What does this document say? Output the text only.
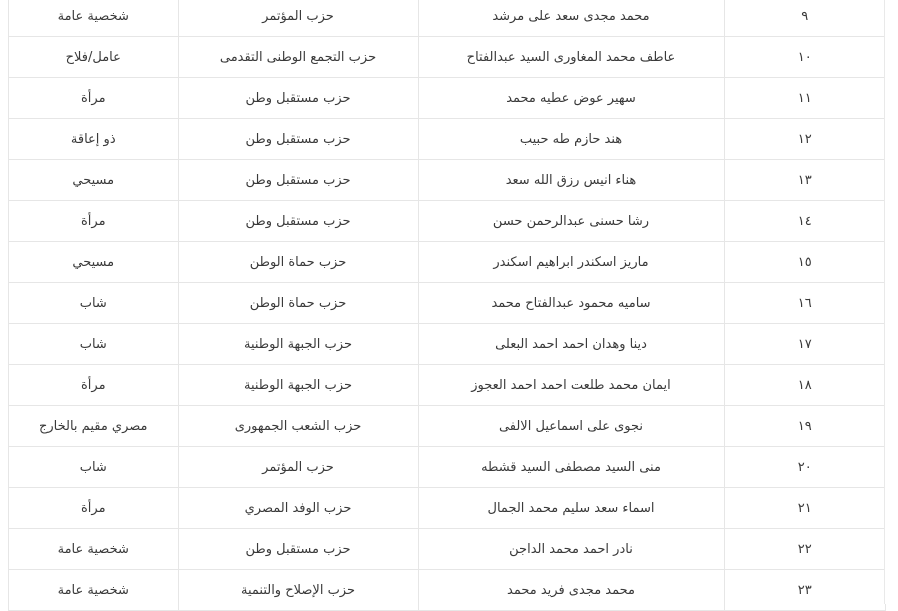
٩	محمد مجدى سعد على مرشد	حزب المؤتمر	شخصية عامة
١٠	عاطف محمد المغاورى السيد عبدالفتاح	حزب التجمع الوطنى التقدمى	عامل/فلاح
١١	سهير عوض عطيه محمد	حزب مستقبل وطن	مرأة
١٢	هند حازم طه حبيب	حزب مستقبل وطن	ذو إعاقة
١٣	هناء انيس رزق الله سعد	حزب مستقبل وطن	مسيحي
١٤	رشا حسنى عبدالرحمن حسن	حزب مستقبل وطن	مرأة
١٥	ماريز اسكندر ابراهيم اسكندر	حزب حماة الوطن	مسيحي
١٦	ساميه محمود عبدالفتاح محمد	حزب حماة الوطن	شاب
١٧	دينا وهدان احمد احمد البعلى	حزب الجبهة الوطنية	شاب
١٨	ايمان محمد طلعت احمد احمد العجوز	حزب الجبهة الوطنية	مرأة
١٩	نجوى على اسماعيل الالفى	حزب الشعب الجمهورى	مصري مقيم بالخارج
٢٠	منى السيد مصطفى السيد قشطه	حزب المؤتمر	شاب
٢١	اسماء سعد سليم محمد الجمال	حزب الوفد المصري	مرأة
٢٢	نادر احمد محمد الداجن	حزب مستقبل وطن	شخصية عامة
٢٣	محمد مجدى فريد محمد	حزب الإصلاح والتنمية	شخصية عامة
